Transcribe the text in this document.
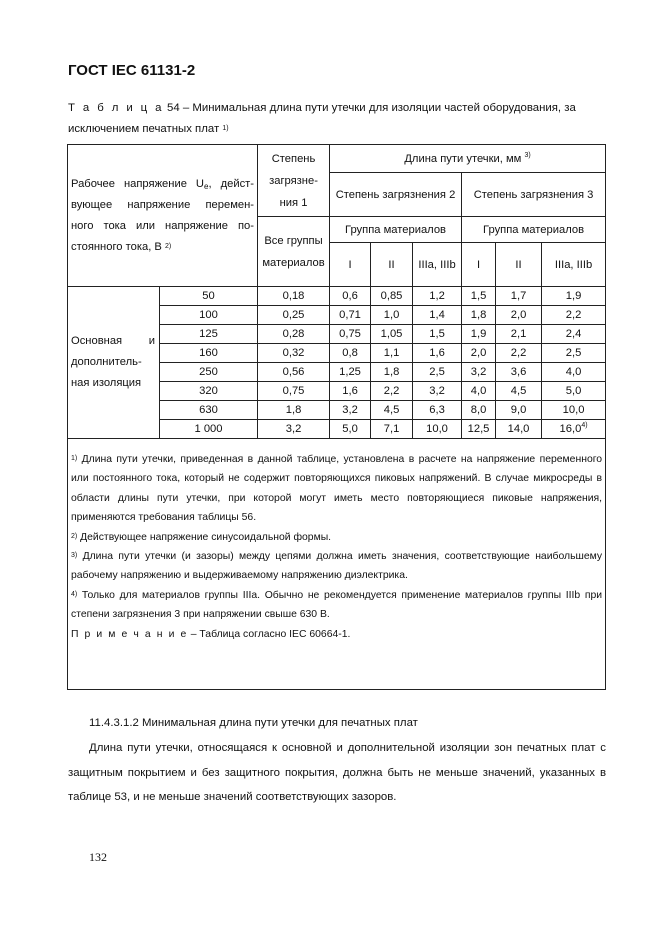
ГОСТ IEC 61131-2
Т а б л и ц а 54 – Минимальная длина пути утечки для изоляции частей оборудования, за исключением печатных плат $^{1)}$
Рабочее напряжение Ue, дейст-
вующее напряжение перемен-
ного тока или напряжение по-
стоянного тока, В $^{2)}$		Степень загрязне-ния 1	Длина пути утечки, мм $^{3)}$
			Степень загрязнения 2			Степень загрязнения 3		
		Все группы материалов	Группа материалов			Группа материалов		
			I	II	IIIa, IIIb	I	II	IIIa, IIIb

Основная и дополнитель-ная изоляция	50	0,18	0,6	0,85	1,2	1,5	1,7	1,9
	100	0,25	0,71	1,0	1,4	1,8	2,0	2,2
	125	0,28	0,75	1,05	1,5	1,9	2,1	2,4
	160	0,32	0,8	1,1	1,6	2,0	2,2	2,5
	250	0,56	1,25	1,8	2,5	3,2	3,6	4,0
	320	0,75	1,6	2,2	3,2	4,0	4,5	5,0
	630	1,8	3,2	4,5	6,3	8,0	9,0	10,0
	1 000	3,2	5,0	7,1	10,0	12,5	14,0	16,0$^{4)}$

$^{1)}$ Длина пути утечки, приведенная в данной таблице, установлена в расчете на напряжение переменного или постоянного тока, который не содержит повторяющихся пиковых напряжений. В случае микросреды в области длины пути утечки, при которой могут иметь место повторяющиеся пиковые напряжения, применяются требования таблицы 56.

$^{2)}$ Действующее напряжение синусоидальной формы.

$^{3)}$ Длина пути утечки (и зазоры) между цепями должна иметь значения, соответствующие наибольшему рабочему напряжению и выдерживаемому напряжению диэлектрика.

$^{4)}$ Только для материалов группы IIIa. Обычно не рекомендуется применение материалов группы IIIb при степени загрязнения 3 при напряжении свыше 630 В.

П р и м е ч а н и е – Таблица согласно IEC 60664-1.								

11.4.3.1.2 Минимальная длина пути утечки для печатных плат
Длина пути утечки, относящаяся к основной и дополнительной изоляции зон печатных плат с защитным покрытием и без защитного покрытия, должна быть не меньше значений, указанных в таблице 53, и не меньше значений соответствующих зазоров.
132
